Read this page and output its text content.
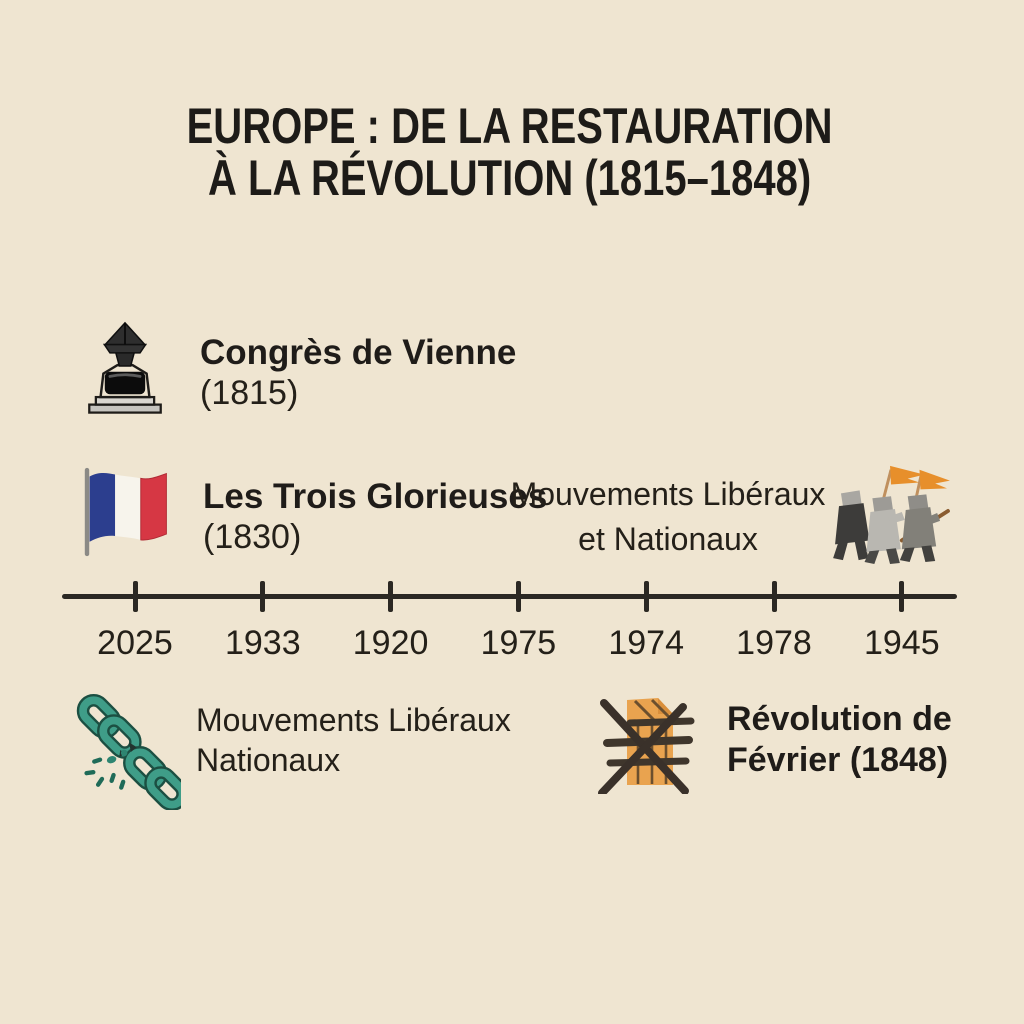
EUROPE : DE LA RESTAURATION
À LA RÉVOLUTION (1815–1848)
Congrès de Vienne
(1815)
Les Trois Glorieuses
(1830)
Mouvements Libéraux
et Nationaux
2025	1933	1920	1975	1974	1978	1945
Mouvements Libéraux
Nationaux
Révolution de
Février (1848)
